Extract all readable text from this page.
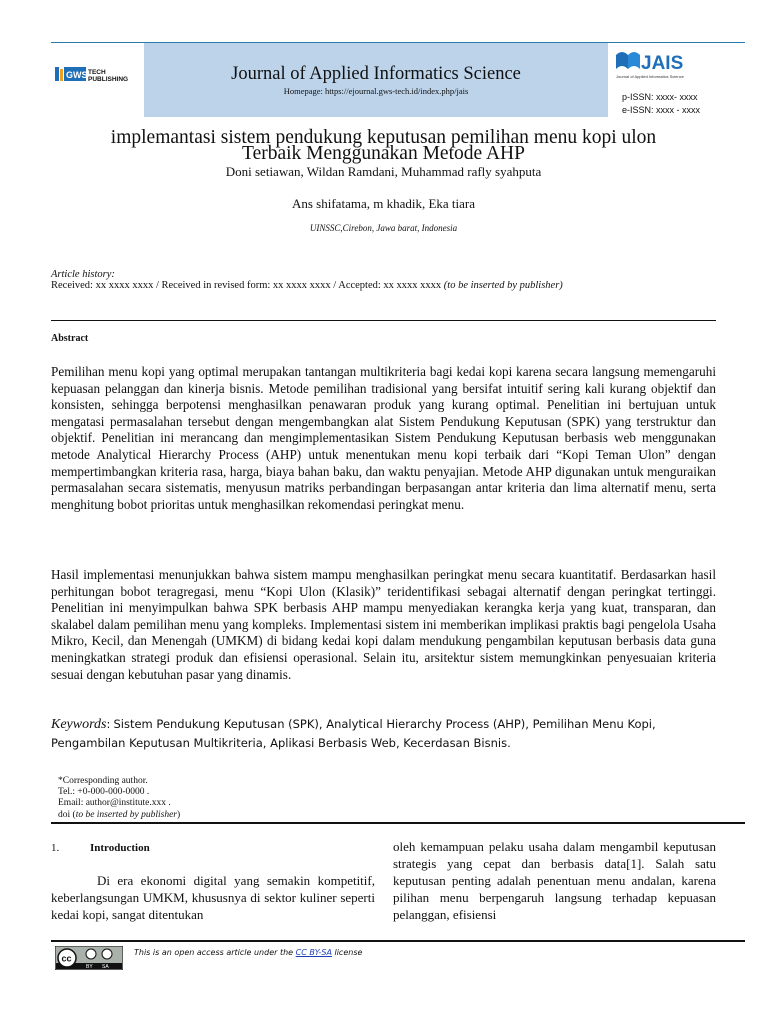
GWS TECH
PUBLISHING	Journal of Applied Informatics Science
Homepage: https://ejournal.gws-tech.id/index.php/jais
JAIS
Journal of Applied Informatics Science
p-ISSN: xxxx- xxxx
e-ISSN: xxxx - xxxx
implemantasi sistem pendukung keputusan pemilihan menu kopi ulon
Terbaik Menggunakan Metode AHP
Doni setiawan, Wildan Ramdani, Muhammad rafly syahputa
Ans shifatama, m khadik, Eka tiara
UINSSC,Cirebon, Jawa barat, Indonesia
Article history:
Received: xx xxxx xxxx / Received in revised form: xx xxxx xxxx / Accepted: xx xxxx xxxx (to be inserted by publisher)
Abstract
Pemilihan menu kopi yang optimal merupakan tantangan multikriteria bagi kedai kopi karena secara langsung memengaruhi kepuasan pelanggan dan kinerja bisnis. Metode pemilihan tradisional yang bersifat intuitif sering kali kurang objektif dan konsisten, sehingga berpotensi menghasilkan penawaran produk yang kurang optimal. Penelitian ini bertujuan untuk mengatasi permasalahan tersebut dengan mengembangkan alat Sistem Pendukung Keputusan (SPK) yang terstruktur dan objektif. Penelitian ini merancang dan mengimplementasikan Sistem Pendukung Keputusan berbasis web menggunakan metode Analytical Hierarchy Process (AHP) untuk menentukan menu kopi terbaik dari “Kopi Teman Ulon” dengan mempertimbangkan kriteria rasa, harga, biaya bahan baku, dan waktu penyajian. Metode AHP digunakan untuk menguraikan permasalahan secara sistematis, menyusun matriks perbandingan berpasangan antar kriteria dan lima alternatif menu, serta menghitung bobot prioritas untuk menghasilkan rekomendasi peringkat menu.
Hasil implementasi menunjukkan bahwa sistem mampu menghasilkan peringkat menu secara kuantitatif. Berdasarkan hasil perhitungan bobot teragregasi, menu “Kopi Ulon (Klasik)” teridentifikasi sebagai alternatif dengan peringkat tertinggi. Penelitian ini menyimpulkan bahwa SPK berbasis AHP mampu menyediakan kerangka kerja yang kuat, transparan, dan skalabel dalam pemilihan menu yang kompleks. Implementasi sistem ini memberikan implikasi praktis bagi pengelola Usaha Mikro, Kecil, dan Menengah (UMKM) di bidang kedai kopi dalam mendukung pengambilan keputusan berbasis data guna meningkatkan strategi produk dan efisiensi operasional. Selain itu, arsitektur sistem memungkinkan penyesuaian kriteria sesuai dengan kebutuhan pasar yang dinamis.
Keywords: Sistem Pendukung Keputusan (SPK), Analytical Hierarchy Process (AHP), Pemilihan Menu Kopi, Pengambilan Keputusan Multikriteria, Aplikasi Berbasis Web, Kecerdasan Bisnis.
*Corresponding author.
Tel.: +0-000-000-0000 .
Email: author@institute.xxx .
doi (to be inserted by publisher)
1.	Introduction
Di era ekonomi digital yang semakin kompetitif, keberlangsungan UMKM, khususnya di sektor kuliner seperti kedai kopi, sangat ditentukan
oleh kemampuan pelaku usaha dalam mengambil keputusan strategis yang cepat dan berbasis data[1]. Salah satu keputusan penting adalah penentuan menu andalan, karena pilihan menu berpengaruh langsung terhadap kepuasan pelanggan, efisiensi
cc
BY SA
This is an open access article under the CC BY-SA license
